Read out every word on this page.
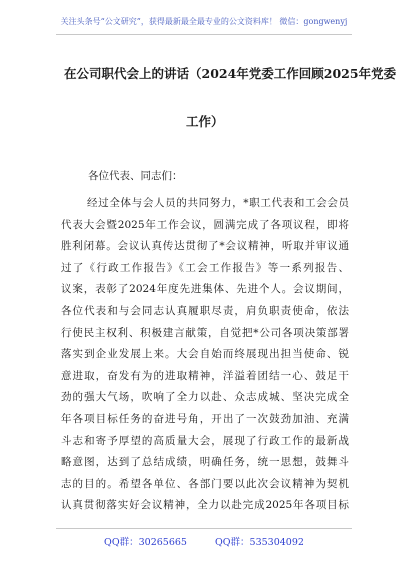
关注头条号“公文研究”，获得最新最全最专业的公文资料库！ 微信：gongwenyj
在公司职代会上的讲话（2024年党委工作回顾2025年党委
工作）
各位代表、同志们：
经过全体与会人员的共同努力，*职工代表和工会会员
代表大会暨2025年工作会议，圆满完成了各项议程，即将
胜利闭幕。会议认真传达贯彻了*会议精神，听取并审议通
过了《行政工作报告》《工会工作报告》等一系列报告、
议案，表彰了2024年度先进集体、先进个人。会议期间，
各位代表和与会同志认真履职尽责，肩负职责使命，依法
行使民主权利、积极建言献策，自觉把*公司各项决策部署
落实到企业发展上来。大会自始而终展现出担当使命、锐
意进取，奋发有为的进取精神，洋溢着团结一心、鼓足干
劲的强大气场，吹响了全力以赴、众志成城、坚决完成全
年各项目标任务的奋进号角，开出了一次鼓劲加油、充满
斗志和寄予厚望的高质量大会，展现了行政工作的最新战
略意图，达到了总结成绩，明确任务，统一思想，鼓舞斗
志的目的。希望各单位、各部门要以此次会议精神为契机
认真贯彻落实好会议精神，全力以赴完成2025年各项目标
QQ群：30265665	QQ群：535304092
